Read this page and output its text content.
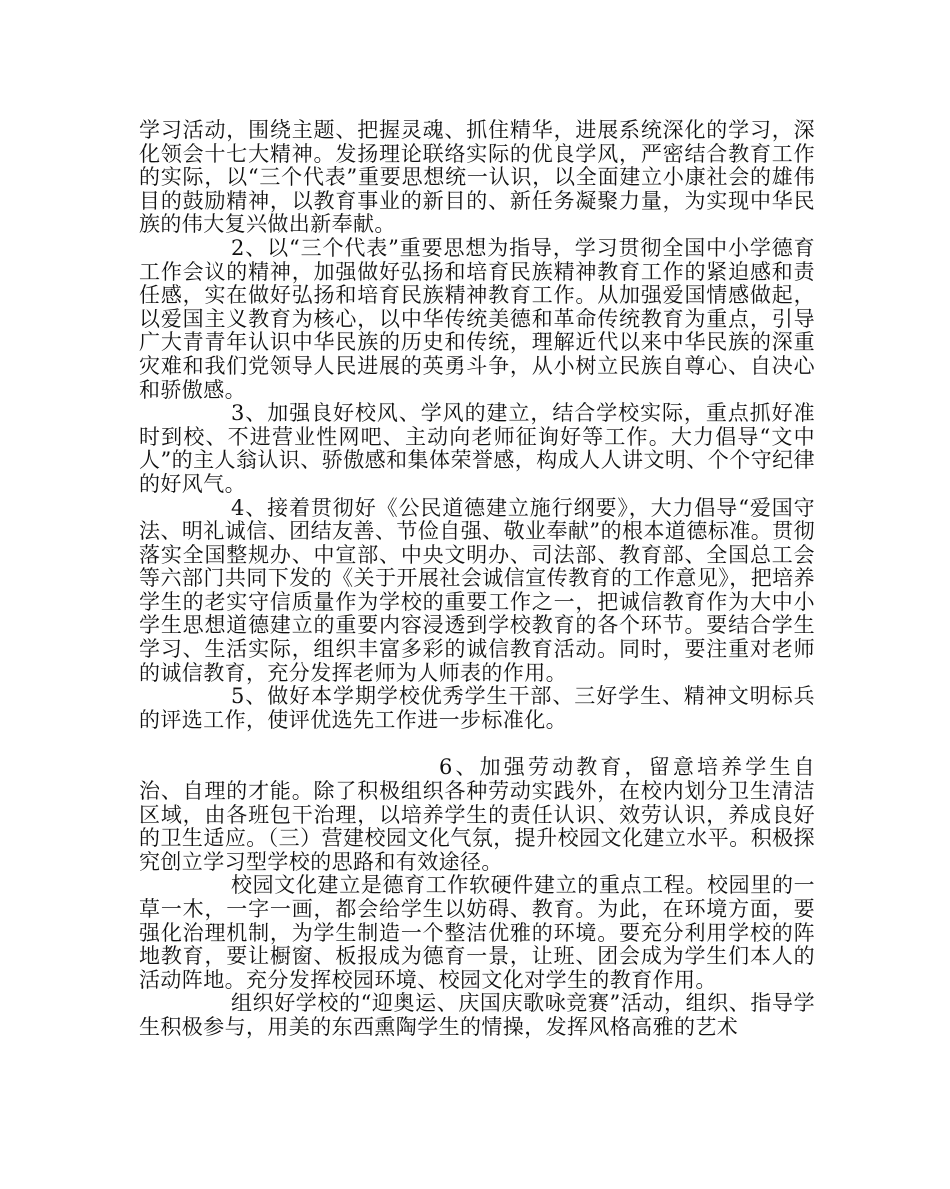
学习活动，围绕主题、把握灵魂、抓住精华，进展系统深化的学习，深化领会十七大精神。发扬理论联络实际的优良学风，严密结合教育工作的实际，以“三个代表”重要思想统一认识，以全面建立小康社会的雄伟目的鼓励精神，以教育事业的新目的、新任务凝聚力量，为实现中华民族的伟大复兴做出新奉献。

2、以“三个代表”重要思想为指导，学习贯彻全国中小学德育工作会议的精神，加强做好弘扬和培育民族精神教育工作的紧迫感和责任感，实在做好弘扬和培育民族精神教育工作。从加强爱国情感做起，以爱国主义教育为核心，以中华传统美德和革命传统教育为重点，引导广大青青年认识中华民族的历史和传统，理解近代以来中华民族的深重灾难和我们党领导人民进展的英勇斗争，从小树立民族自尊心、自决心和骄傲感。

3、加强良好校风、学风的建立，结合学校实际，重点抓好准时到校、不进营业性网吧、主动向老师征询好等工作。大力倡导“文中人”的主人翁认识、骄傲感和集体荣誉感，构成人人讲文明、个个守纪律的好风气。

4、接着贯彻好《公民道德建立施行纲要》，大力倡导“爱国守法、明礼诚信、团结友善、节俭自强、敬业奉献”的根本道德标准。贯彻落实全国整规办、中宣部、中央文明办、司法部、教育部、全国总工会等六部门共同下发的《关于开展社会诚信宣传教育的工作意见》，把培养学生的老实守信质量作为学校的重要工作之一，把诚信教育作为大中小学生思想道德建立的重要内容浸透到学校教育的各个环节。要结合学生学习、生活实际，组织丰富多彩的诚信教育活动。同时，要注重对老师的诚信教育，充分发挥老师为人师表的作用。

5、做好本学期学校优秀学生干部、三好学生、精神文明标兵的评选工作，使评优选先工作进一步标准化。

6、加强劳动教育，留意培养学生自治、自理的才能。除了积极组织各种劳动实践外，在校内划分卫生清洁区域，由各班包干治理，以培养学生的责任认识、效劳认识，养成良好的卫生适应。（三）营建校园文化气氛，提升校园文化建立水平。积极探究创立学习型学校的思路和有效途径。

校园文化建立是德育工作软硬件建立的重点工程。校园里的一草一木，一字一画，都会给学生以妨碍、教育。为此，在环境方面，要强化治理机制，为学生制造一个整洁优雅的环境。要充分利用学校的阵地教育，要让橱窗、板报成为德育一景，让班、团会成为学生们本人的活动阵地。充分发挥校园环境、校园文化对学生的教育作用。

组织好学校的“迎奥运、庆国庆歌咏竞赛”活动，组织、指导学生积极参与，用美的东西熏陶学生的情操，发挥风格高雅的艺术
